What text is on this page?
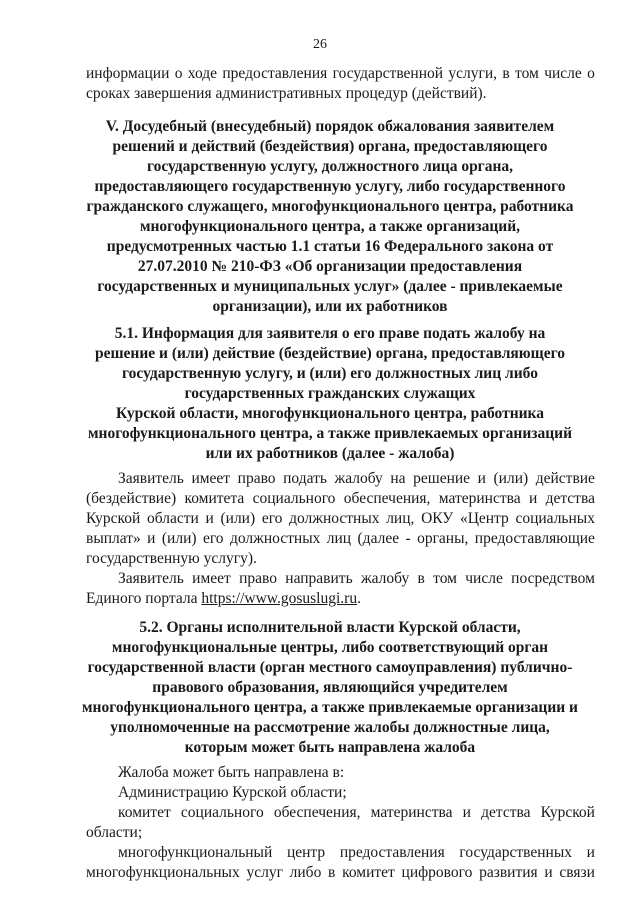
26
информации о ходе предоставления государственной услуги, в том числе о
сроках завершения административных процедур (действий).
V. Досудебный (внесудебный) порядок обжалования заявителем
решений и действий (бездействия) органа, предоставляющего
государственную услугу, должностного лица органа,
предоставляющего государственную услугу, либо государственного
гражданского служащего, многофункционального центра, работника
многофункционального центра, а также организаций,
предусмотренных частью 1.1 статьи 16 Федерального закона от
27.07.2010 № 210-ФЗ «Об организации предоставления
государственных и муниципальных услуг» (далее - привлекаемые
организации), или их работников
5.1. Информация для заявителя о его праве подать жалобу на
решение и (или) действие (бездействие) органа, предоставляющего
государственную услугу, и (или) его должностных лиц либо
государственных гражданских служащих
Курской области, многофункционального центра, работника
многофункционального центра, а также привлекаемых организаций
или их работников (далее - жалоба)
Заявитель имеет право подать жалобу на решение и (или) действие
(бездействие) комитета социального обеспечения, материнства и детства
Курской области и (или) его должностных лиц, ОКУ «Центр социальных
выплат» и (или) его должностных лиц (далее - органы, предоставляющие
государственную услугу).
Заявитель имеет право направить жалобу в том числе посредством
Единого портала https://www.gosuslugi.ru.
5.2. Органы исполнительной власти Курской области,
многофункциональные центры, либо соответствующий орган
государственной власти (орган местного самоуправления) публично-
правового образования, являющийся учредителем
многофункционального центра, а также привлекаемые организации и
уполномоченные на рассмотрение жалобы должностные лица,
которым может быть направлена жалоба
Жалоба может быть направлена в:
Администрацию Курской области;
комитет социального обеспечения, материнства и детства Курской
области;
многофункциональный центр предоставления государственных и
многофункциональных услуг либо в комитет цифрового развития и связи
